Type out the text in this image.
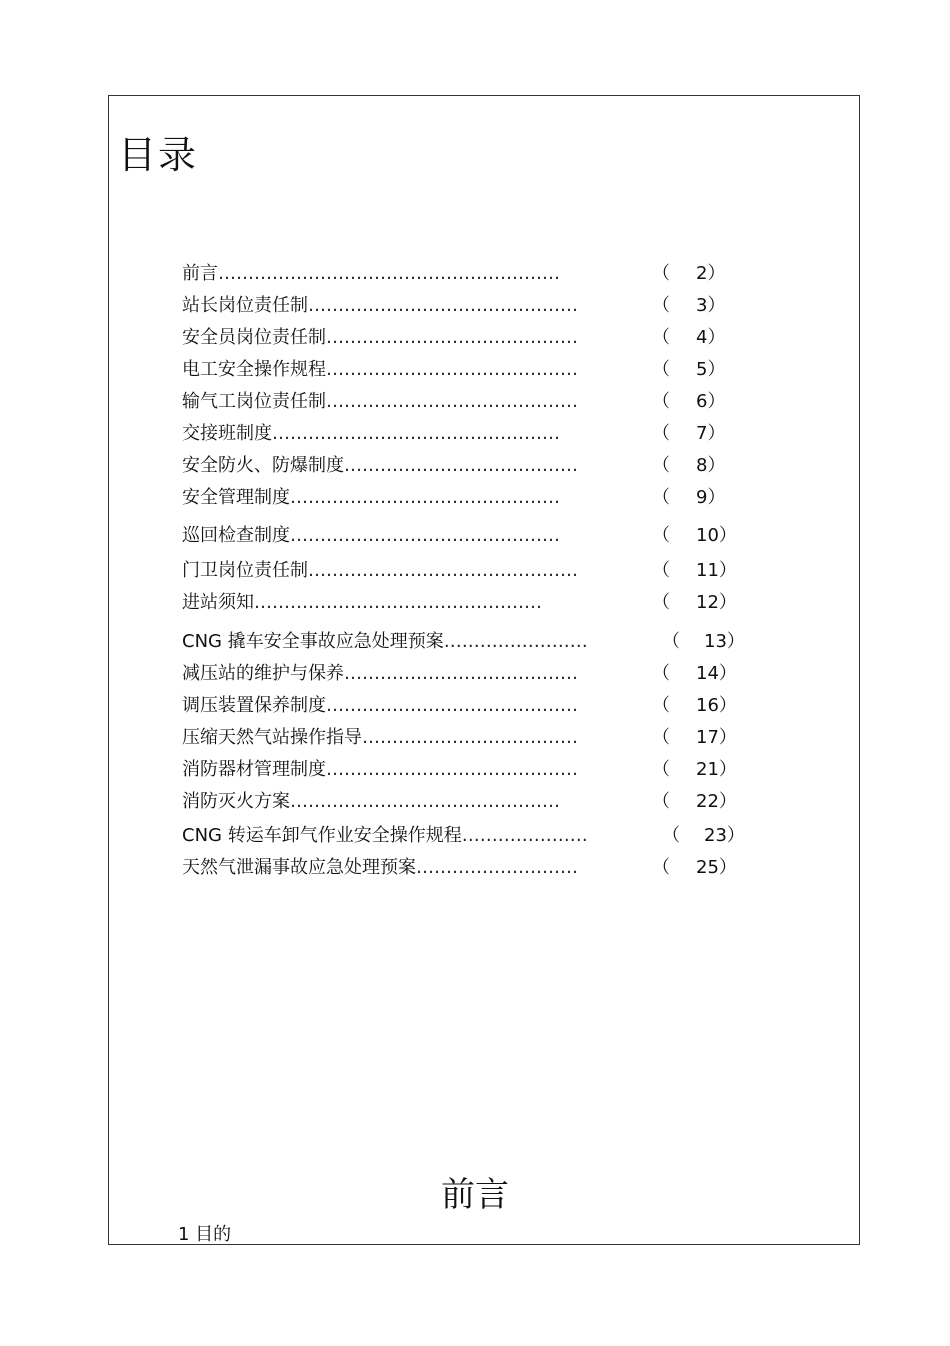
目录
前言…………………………………………………	（ 2）
站长岗位责任制………………………………………	（ 3）
安全员岗位责任制……………………………………	（ 4）
电工安全操作规程……………………………………	（ 5）
输气工岗位责任制……………………………………	（ 6）
交接班制度…………………………………………	（ 7）
安全防火、防爆制度…………………………………	（ 8）
安全管理制度………………………………………	（ 9）
巡回检查制度………………………………………	（ 10）
门卫岗位责任制………………………………………	（ 11）
进站须知…………………………………………	（ 12）
CNG 撬车安全事故应急处理预案……………………	（ 13）
减压站的维护与保养…………………………………	（ 14）
调压装置保养制度……………………………………	（ 16）
压缩天然气站操作指导………………………………	（ 17）
消防器材管理制度……………………………………	（ 21）
消防灭火方案………………………………………	（ 22）
CNG 转运车卸气作业安全操作规程…………………	（ 23）
天然气泄漏事故应急处理预案………………………	（ 25）
前言
1 目的
